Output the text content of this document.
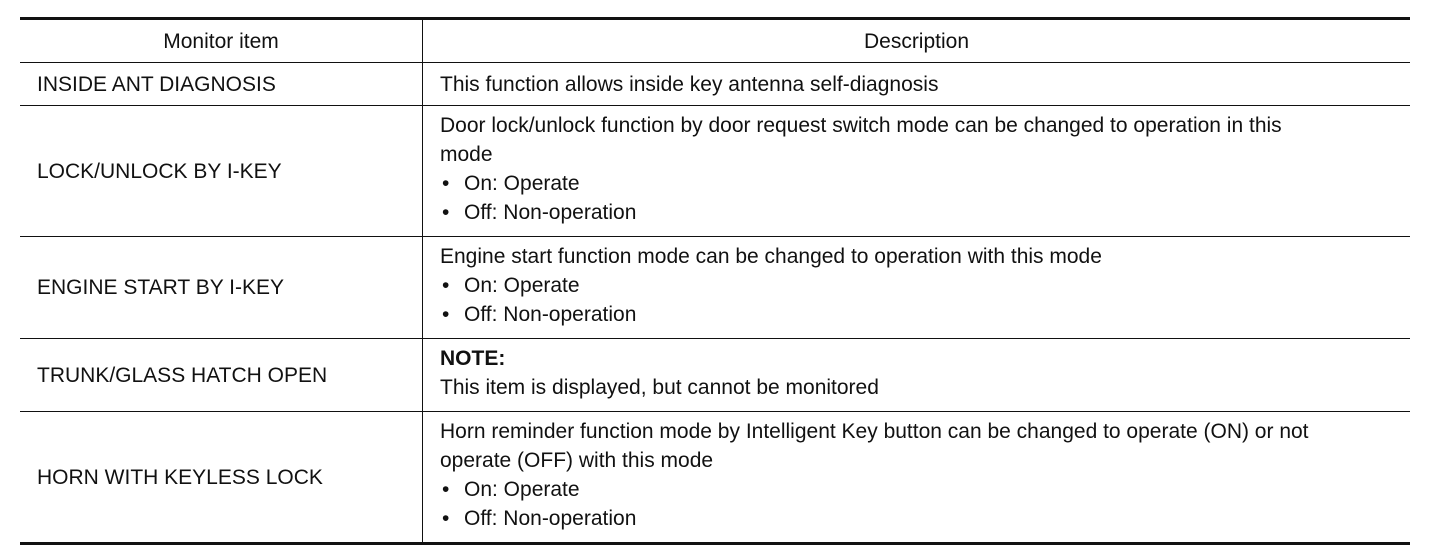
Monitor item	Description
INSIDE ANT DIAGNOSIS	This function allows inside key antenna self-diagnosis
LOCK/UNLOCK BY I-KEY
Door lock/unlock function by door request switch mode can be changed to operation in this
mode
• On: Operate
• Off: Non-operation
ENGINE START BY I-KEY
Engine start function mode can be changed to operation with this mode
• On: Operate
• Off: Non-operation
TRUNK/GLASS HATCH OPEN
NOTE:
This item is displayed, but cannot be monitored
HORN WITH KEYLESS LOCK
Horn reminder function mode by Intelligent Key button can be changed to operate (ON) or not
operate (OFF) with this mode
• On: Operate
• Off: Non-operation
